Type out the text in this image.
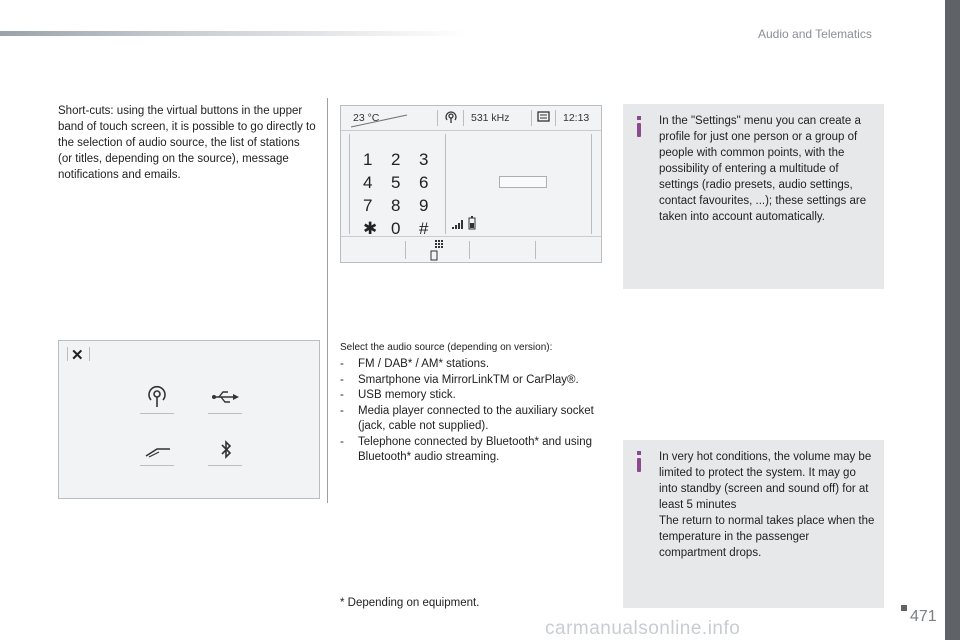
Audio and Telematics
Short-cuts: using the virtual buttons in the upper band of touch screen, it is possible to go directly to the selection of audio source, the list of stations (or titles, depending on the source), message notifications and emails.
23 °C	531 kHz	12:13
1 2 3
4 5 6
7 8 9
✱ 0 #
✕	Select the audio source (depending on version):
- FM / DAB* / AM* stations.
- Smartphone via MirrorLinkTM or CarPlay®.
- USB memory stick.
- Media player connected to the auxiliary socket (jack, cable not supplied).
- Telephone connected by Bluetooth* and using Bluetooth* audio streaming.
In the "Settings" menu you can create a profile for just one person or a group of people with common points, with the possibility of entering a multitude of settings (radio presets, audio settings, contact favourites, ...); these settings are taken into account automatically.
In very hot conditions, the volume may be limited to protect the system. It may go into standby (screen and sound off) for at least 5 minutes
The return to normal takes place when the temperature in the passenger compartment drops.
* Depending on equipment.
471
carmanualsonline.info
